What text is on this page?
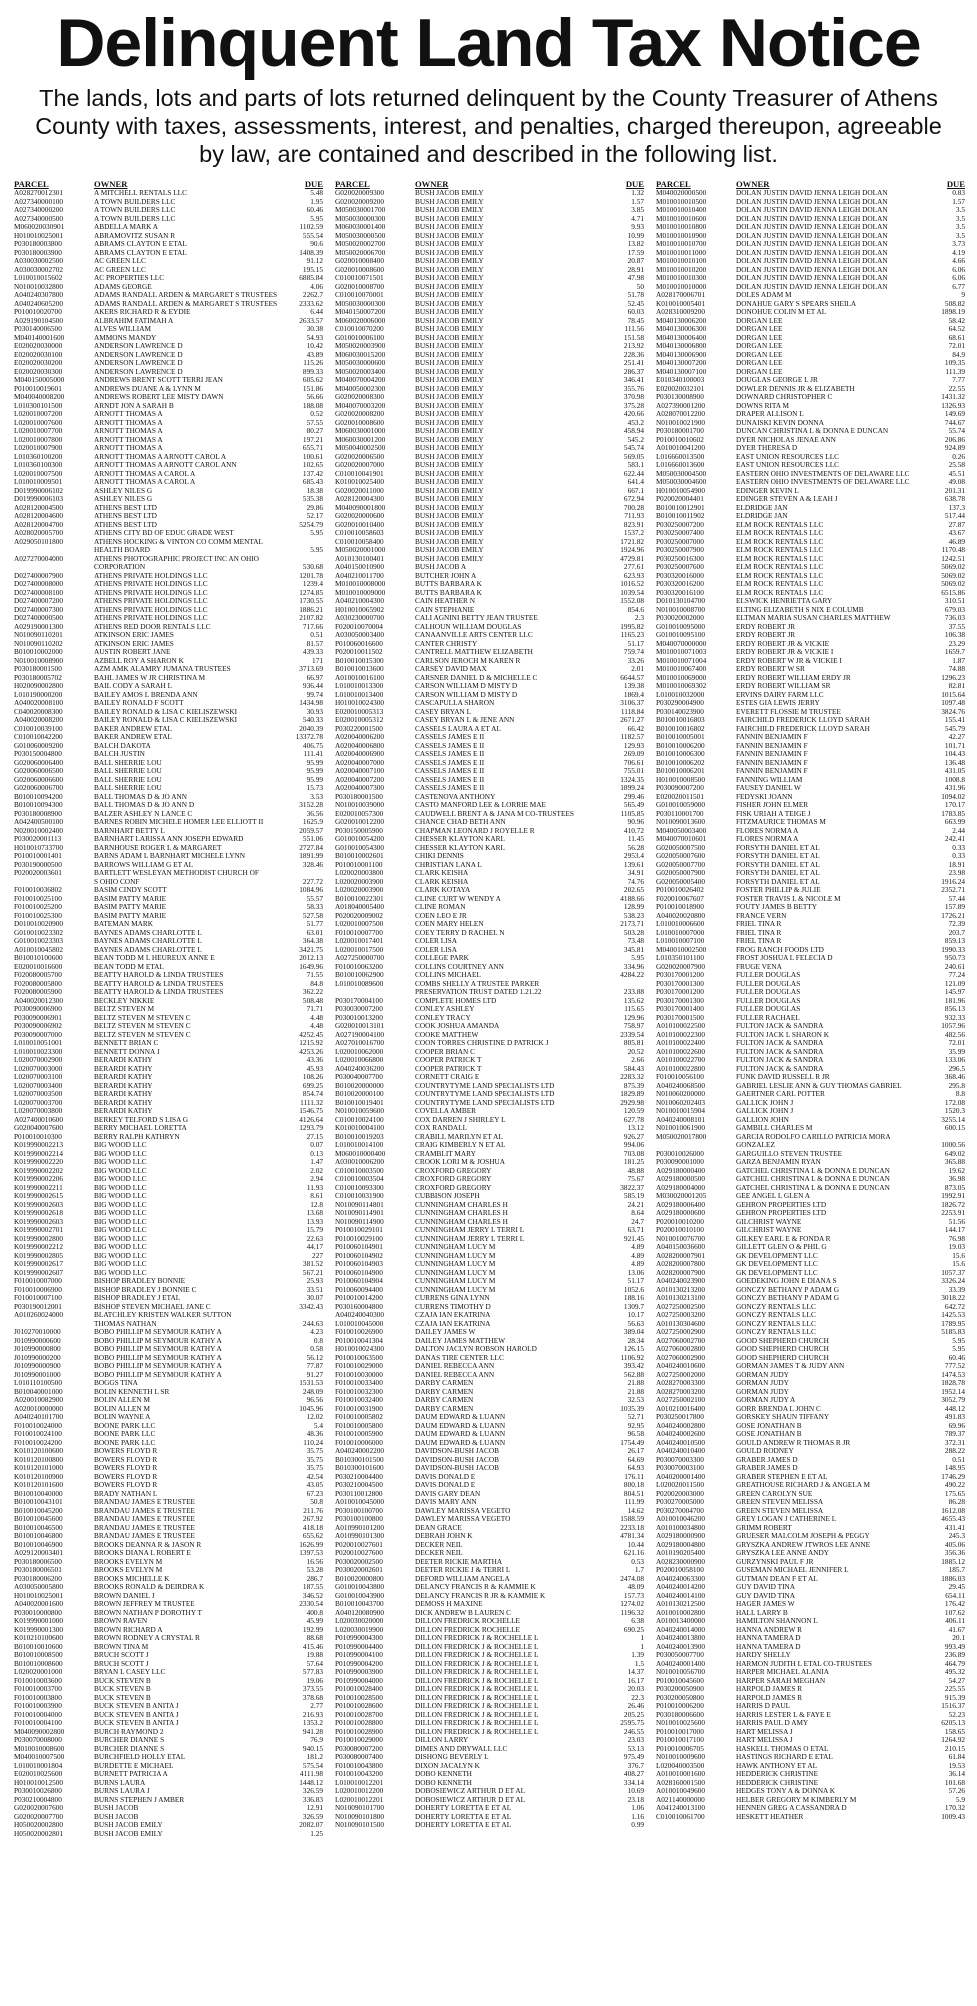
Delinquent Land Tax Notice

The lands, lots and parts of lots returned delinquent by the County Treasurer of Athens County with taxes, assessments, interest, and penalties, charged thereupon, agreeable by law, are contained and described in the following list.

PARCEL	OWNER	DUE
A028270012301	A MITCHELL RENTALS LLC	5.48
A027340000100	A TOWN BUILDERS LLC	1.95
A027340000200	A TOWN BUILDERS LLC	60.46
A027340000500	A TOWN BUILDERS LLC	5.95
M060020030901	ABDELLA MARK A	1102.59
H010010025001	ABRAMOVITZ SUSAN R	555.54
P030180003800	ABRAMS CLAYTON E ETAL	90.6
P030180003900	ABRAMS CLAYTON E ETAL	1408.39
A030030002500	AC GREEN LLC	91.12
A030030002702	AC GREEN LLC	195.15
L010010015602	AC PROPERTIES LLC	6885.84
N010010032800	ADAMS GEORGE	4.06
A040240307800	ADAMS RANDALL ARDEN & MARGARET S TRUSTEES	2262.7
A040240605200	ADAMS RANDALL ARDEN & MARGARET S TRUSTEES	2333.62
P010010020700	AKERS RICHARD R & EYDIE	6.44
A029190104500	ALBRAHIM FATIMAH A	2633.57
P030140006500	ALVES WILLIAM	30.38
M040140001600	AMMONS MANDY	54.93
E020020030000	ANDERSON LAWRENCE D	10.42
E020020030100	ANDERSON LAWRENCE D	43.89
E020020030200	ANDERSON LAWRENCE D	115.26
E020020030300	ANDERSON LAWRENCE D	899.33
M040150005000	ANDREWS BRENT SCOTT TERRI JEAN	605.62
P010010019601	ANDREWS DUANE A & LYNN M	151.86
M040040008200	ANDREWS ROBERT LEE MISTY DAWN	56.66
L010300101500	ARNDT JON A SARAH B	188.08
L020010007200	ARNOTT THOMAS A	0.52
L020010007600	ARNOTT THOMAS A	57.55
L020010007700	ARNOTT THOMAS A	80.27
L020010007800	ARNOTT THOMAS A	197.21
L020010007900	ARNOTT THOMAS A	655.71
L010360100200	ARNOTT THOMAS A ARNOTT CAROL A	100.61
L010360100300	ARNOTT THOMAS A ARNOTT CAROL ANN	102.65
L020010007500	ARNOTT THOMAS A CAROL A	137.42
L010010009501	ARNOTT THOMAS A CAROL A	685.43
D019990006102	ASHLEY NILES G	18.38
D019990006103	ASHLEY NILES G	535.38
A028120004500	ATHENS BEST LTD	29.86
A028120004600	ATHENS BEST LTD	52.17
A028120004700	ATHENS BEST LTD	5254.79
A028020005700	ATHENS CITY BD OF EDUC GRADE WEST	5.95
A029050101800	ATHENS HOCKING & VINTON CO COMM MENTAL	
	HEALTH BOARD	5.95
A027270004000	ATHENS PHOTOGRAPHIC PROJECT INC AN OHIO	
	CORPORATION	530.68
D027400007900	ATHENS PRIVATE HOLDINGS LLC	1201.78
D027400008000	ATHENS PRIVATE HOLDINGS LLC	1239.4
D027400008100	ATHENS PRIVATE HOLDINGS LLC	1274.85
D027400007200	ATHENS PRIVATE HOLDINGS LLC	1730.55
D027400007300	ATHENS PRIVATE HOLDINGS LLC	1886.21
D027400000500	ATHENS PRIVATE HOLDINGS LLC	2107.82
A029190001300	ATHENS RED DOOR RENTALS LLC	717.66
N010090110201	ATKINSON ERIC JAMES	0.51
N010090110202	ATKINSON ERIC JAMES	81.57
B010010002000	AUSTIN ROBERT JANE	439.33
N010010008900	AZBELL ROY A SHARON K	171
P030180001500	AZM AMK ALAMRY JUMANA TRUSTEES	3713.69
P030180005702	BAHL JAMES W JR CHRISTINA M	66.97
H020090002800	BAIL CODY A SARAH L	936.44
L010190000200	BAILEY AMOS L BRENDA ANN	99.74
A040020008100	BAILEY RONALD F SCOTT	1434.98
C040020008300	BAILEY RONALD & LISA C KIELISZEWSKI	30.93
A040020008200	BAILEY RONALD & LISA C KIELISZEWSKI	540.33
C010010039100	BAKER ANDREW ETAL	2040.39
C010010042200	BAKER ANDREW ETAL	13372.78
G010060009200	BALCH DAKOTA	406.75
P030150004800	BALCH JUSTIN	111.41
G020060006400	BALL SHERRIE LOU	95.99
G020060006500	BALL SHERRIE LOU	95.99
G020060006600	BALL SHERRIE LOU	95.99
G020060006700	BALL SHERRIE LOU	15.73
B010010094200	BALL THOMAS D & JO ANN	3.53
B010010094300	BALL THOMAS D & JO ANN D	3152.28
P030180008900	BALZER ASHLEY N LANCE C	36.56
A042400500100	BARNES ROBIN MICHELE HOMER LEE ELLIOTT II	1625.9
N020010002400	BARNHART BETTY L	2059.57
P030020001113	BARNHART LARISSA ANN JOSEPH EDWARD	551.06
H010010733700	BARNHOUSE ROGER L & MARGARET	2727.84
P010010001401	BARNS ADAM L BARNHART MICHELE LYNN	1891.99
P030190000500	BARROWS WILLIAM G ET AL	328.46
P020020003601	BARTLETT WESLEYAN METHODIST CHURCH OF	
	S OHIO CONF	227.72
F010010036802	BASIM CINDY SCOTT	1084.96
F010010025100	BASIM PATTY MARIE	55.57
F010010025200	BASIM PATTY MARIE	58.33
F010010025300	BASIM PATTY MARIE	527.58
D010010020900	BATEMAN MARK	51.77
G010010023302	BAYNES ADAMS CHARLOTTE L	63.01
G010010023303	BAYNES ADAMS CHARLOTTE L	364.38
A010010045802	BAYNES ADAMS CHARLOTTE L	3421.75
B010010100600	BEAN TODD M L HEUREUX ANNE E	2012.13
E020010016600	BEAN TODD M ETAL	1649.96
F020080005700	BEATTY HAROLD & LINDA TRUSTEES	71.55
F020080005800	BEATTY HAROLD & LINDA TRUSTEES	84.8
F020080005900	BEATTY HAROLD & LINDA TRUSTEES	362.22
A040020012300	BECKLEY NIKKIE	508.48
P030090006900	BELTZ STEVEN M	71.71
P030090006901	BELTZ STEVEN M STEVEN C	4.48
P030090006902	BELTZ STEVEN M STEVEN C	4.48
P030090007000	BELTZ STEVEN M STEVEN C	4252.45
L010010051001	BENNETT BRIAN C	1215.92
L010010023300	BENNETT DONNA J	4253.26
L020070002900	BERARDI KATHY	43.36
L020070003000	BERARDI KATHY	45.93
L020070003100	BERARDI KATHY	108.26
L020070003400	BERARDI KATHY	699.25
L020070003500	BERARDI KATHY	854.74
L020070003700	BERARDI KATHY	1111.32
L020070003800	BERARDI KATHY	1546.75
A027400010600	BERKEY TELFORD S LISA G	4126.64
G020040007600	BERRY MICHAEL LORETTA	1293.79
P010010010300	BERRY RALPH KATHRYN	27.15
K019990002213	BIG WOOD LLC	0.07
K019990002214	BIG WOOD LLC	0.13
K019990002220	BIG WOOD LLC	1.47
K019990002202	BIG WOOD LLC	2.02
K019990002206	BIG WOOD LLC	2.94
K019990002211	BIG WOOD LLC	11.93
K019990002615	BIG WOOD LLC	8.61
K019990002603	BIG WOOD LLC	12.8
K019990002618	BIG WOOD LLC	13.68
K019990002603	BIG WOOD LLC	13.93
K019990002701	BIG WOOD LLC	15.79
K019990002800	BIG WOOD LLC	22.63
K019990002212	BIG WOOD LLC	44.17
K019990002805	BIG WOOD LLC	227
K019990002617	BIG WOOD LLC	381.52
K019990002607	BIG WOOD LLC	567.21
F010010007000	BISHOP BRADLEY BONNIE	25.93
F010010006900	BISHOP BRADLEY J BONNIE C	33.51
F010010007100	BISHOP BRADLEY J ETAL	30.07
P030190012001	BISHOP STEVEN MICHAEL JANE C	3342.43
A010260024000	BLATCHLEY KRISTEN WALKER SUTTON	
	THOMAS NATHAN	244.63
J010270010000	BOBO PHILLIP M SEYMOUR KATHY A	4.23
J010990000600	BOBO PHILLIP M SEYMOUR KATHY A	0.8
J010990000800	BOBO PHILLIP M SEYMOUR KATHY A	0.58
J010990000200	BOBO PHILLIP M SEYMOUR KATHY A	56.12
J010990000900	BOBO PHILLIP M SEYMOUR KATHY A	77.87
J010990001000	BOBO PHILLIP M SEYMOUR KATHY A	91.27
L010110100500	BOGGS TINA	1531.53
B010040001000	BOLIN KENNETH L SR	248.09
A020010082900	BOLIN ALLEN M	96.56
A020010000000	BOLIN ALLEN M	1045.96
A040240101700	BOLIN WAYNE A	12.02
F010010024000	BOONE PARK LLC	5.4
F010010024100	BOONE PARK LLC	48.36
F010010024200	BOONE PARK LLC	110.24
K010120100600	BOWERS FLOYD R	35.75
K010120100800	BOWERS FLOYD R	35.75
K010120101000	BOWERS FLOYD R	35.75
K010120100900	BOWERS FLOYD R	42.54
K010120101600	BOWERS FLOYD R	43.05
B010010040000	BRADY NATHAN L	67.23
B010010043101	BRANDAU JAMES E TRUSTEE	50.8
B010010045200	BRANDAU JAMES E TRUSTEE	211.76
B010010045600	BRANDAU JAMES E TRUSTEE	267.92
B010010046500	BRANDAU JAMES E TRUSTEE	418.18
B010010046800	BRANDAU JAMES E TRUSTEE	655.62
B010010046900	BROOKS DEANNA R & JASON R	1626.99
A029120003401	BROOKS DIANA L ROBERT E	1397.53
P030180006500	BROOKS EVELYN M	16.56
P030180006501	BROOKS EVELYN M	53.28
P030180006200	BROOKS MICHELLE K	286.7
A030050005800	BROOKS RONALD & DEIRDRA K	187.55
H010010025001	BROWN DANIEL J	346.52
A040020001600	BROWN JEFFREY M TRUSTEE	2330.54
P030010000800	BROWN NATHAN P DOROTHY T	400.8
K019990001000	BROWN RAVEN	45.99
K019990001300	BROWN RICHARD A	192.99
K010210100600	BROWN RODNEY A CRYSTAL R	88.68
B010010010600	BROWN TINA M	415.46
B010010008500	BRUCH SCOTT J	19.88
B010010008600	BRUCH SCOTT J	57.64
L020020001000	BRYAN L CASEY LLC	577.83
F010010003600	BUCK STEVEN B	19.06
F010010003700	BUCK STEVEN B	373.55
F010010003800	BUCK STEVEN B	378.68
F010010003900	BUCK STEVEN B ANITA J	2.77
F010010004000	BUCK STEVEN B ANITA J	216.93
F010010004100	BUCK STEVEN B ANITA J	1353.2
M040090002800	BURCH RAYMOND 2	941.28
P030070008000	BURCHER DIANNE S	76.9
M010010008600	BURCHER DIANNE S	940.15
M040010007500	BURCHFIELD HOLLY ETAL	181.2
L010010001804	BURDETTE E MICHAEL	575.54
E020010025600	BURNETT PATRICIA A	4111.98
H010010012500	BURNS LAURA	1448.12
P030010026800	BURNS LAURA J	326.59
P030210004800	BURNS STEPHEN J AMBER	336.83
G020020007600	BUSH JACOB	12.91
G020020007700	BUSH JACOB	326.59
H050020002800	BUSH JACOB EMILY	2082.07
H050020002801	BUSH JACOB EMILY	1.25
PARCEL	OWNER	DUE
G020020009300	BUSH JACOB EMILY	1.32
G020020009200	BUSH JACOB EMILY	1.57
M050030001700	BUSH JACOB EMILY	3.85
M050030000300	BUSH JACOB EMILY	4.71
M060030001400	BUSH JACOB EMILY	9.93
M050030000500	BUSH JACOB EMILY	10.99
M050020002700	BUSH JACOB EMILY	13.82
M050020006700	BUSH JACOB EMILY	17.59
G020010008400	BUSH JACOB EMILY	20.87
G020010008600	BUSH JACOB EMILY	28.91
C010010071501	BUSH JACOB EMILY	47.98
G020010008700	BUSH JACOB EMILY	50
C010010070001	BUSH JACOB EMILY	51.78
M050030000300	BUSH JACOB EMILY	52.45
M040150007200	BUSH JACOB EMILY	60.03
M060020006000	BUSH JACOB EMILY	78.45
C010010070200	BUSH JACOB EMILY	111.56
G010010006100	BUSH JACOB EMILY	151.58
M050020003900	BUSH JACOB EMILY	213.92
M060030015200	BUSH JACOB EMILY	228.36
M050030000600	BUSH JACOB EMILY	251.41
M050020003400	BUSH JACOB EMILY	286.37
M040070004200	BUSH JACOB EMILY	346.41
M040050002300	BUSH JACOB EMILY	355.76
G020020008300	BUSH JACOB EMILY	370.98
M040070003200	BUSH JACOB EMILY	375.28
G020020008200	BUSH JACOB EMILY	420.66
G020010008600	BUSH JACOB EMILY	453.2
M060030001000	BUSH JACOB EMILY	458.94
M060030001200	BUSH JACOB EMILY	545.2
M050040002500	BUSH JACOB EMILY	545.74
G020020006500	BUSH JACOB EMILY	569.05
G020020007000	BUSH JACOB EMILY	583.1
C010010041901	BUSH JACOB EMILY	622.44
K010010025400	BUSH JACOB EMILY	641.4
G020020011000	BUSH JACOB EMILY	667.1
A028120004300	BUSH JACOB EMILY	672.94
M040090001800	BUSH JACOB EMILY	700.28
G020020000600	BUSH JACOB EMILY	711.93
G020010010400	BUSH JACOB EMILY	823.91
C010010058603	BUSH JACOB EMILY	1537.2
C010010058400	BUSH JACOB EMILY	1721.82
M050020001000	BUSH JACOB EMILY	1924.96
A010130100401	BUSH JACOB EMILY	4729.81
A040150010900	BUSH JACOB A	277.61
A040210011700	BUTCHER JOHN A	623.93
M010010008000	BUTTS BARBARA K	1016.52
M010010009000	BUTTS BARBARA K	1039.54
A040210004300	CAIN HEATHER N	1552.08
H010010065902	CAIN STEPHANIE	854.6
A030230000700	CALI AGNINI BETTY JEAN TRUSTEE	2.3
F020010070004	CALHOUN WILLIAM DOUGLAS	1995.82
A030050003400	CANAANVILLE ARTS CENTER LLC	1165.23
P010060016600	CANTER CHRISTY	51.17
P020010011502	CANTRELL MATTHEW ELIZABETH	759.74
B010010015300	CARLSON JEROCH M KAREN R	33.26
B010010013600	CARSEY DAVID MAX	2.01
A010010016100	CARSNER DANIEL D & MICHELLE C	6644.57
L010010013300	CARSON WILLIAM D MISTY D	139.38
L010010013400	CARSON WILLIAM D MISTY D	1869.4
H010010024300	CASCAPULLA SHARON	3106.37
E020010005313	CASEY BRYAN L	1118.84
E020010005312	CASEY BRYAN L & JENE ANN	2671.27
P030220001500	CASSELS LAURA A ET AL	66.42
A020040006200	CASSELS JAMES E II	1182.57
A020040006800	CASSELS JAMES E II	129.93
A020040006900	CASSELS JAMES E II	269.09
A020040007000	CASSELS JAMES E II	706.61
A020040007100	CASSELS JAMES E II	755.01
A020040007200	CASSELS JAMES E II	1324.35
A020040007300	CASSELS JAMES E II	1899.24
P030180001500	CASTENOVA ANTHONY	299.46
N010010039000	CASTO MANFORD LEE & LORRIE MAE	565.49
E020010057300	CAUDWELL BRENT A & JANA M CO-TRUSTEES	1105.85
G020010012200	CHANCE CHAD BETH ANN	90.96
P030150005900	CHAPMAN LEONARD J ROYELLE R	410.72
G010010054200	CHESSER KLAYTON KARL	11.45
G010010054300	CHESSER KLAYTON KARL	56.28
B010010002601	CHIKI DENNIS	2953.4
P010010001100	CHRISTIAN LANA L	139.61
L020020003800	CLARK KEISHA	34.91
L020020003900	CLARK KEISHA	74.76
L020020003900	CLARK KOTAYA	202.65
B010010022301	CLINE CURT W WENDY A	4188.66
A018040005400	CLINE ROMAN	128.99
P020020009002	COEN LEO E JR	538.23
L020010007500	COEN MARY HELEN	2173.71
F010010007700	COEY TERRY D RACHEL N	503.28
L020010017401	COLER LISA	73.48
L020010017500	COLER LISA	345.81
A027250000700	COLLEGE PARK	5.95
F010010063200	COLLINS COURTNEY ANN	334.96
B010010062900	COLLINS MICHAEL	4284.22
L010010089600	COMBS SHELLY A TRUSTEE PARKER	
	PRESERVATION TRUST DATED 1.21.22	233.88
P030170004100	COMPLETE HOMES LTD	135.62
P030030007200	CONLEY ASHLEY	115.65
P030010013200	CONLEY TRACY	129.96
G020010013101	COOK JOSHUA AMANDA	758.97
A027190004100	COOKE MATTHEW	2339.54
A027010016700	COON TORRES CHRISTINE D PATRICK J	805.81
L020010062000	COOPER BRIAN C	20.52
L020010066800	COOPER PATRICK T	2.66
A040240036200	COOPER PATRICK T	584.43
P030040007700	CORNETT CRAIG E	2283.32
B010020000000	COUNTRYTYME LAND SPECIALISTS LTD	875.39
B010020000100	COUNTRYTYME LAND SPECIALISTS LTD	1829.89
B010010019401	COUNTRYTYME LAND SPECIALISTS LTD	2929.98
N010010059600	COVELLA AMBER	120.59
C010010024100	COX DARREN J SHIRLEY L	627.78
K010010004100	COX RANDALL	13.12
B010010019203	CRABILL MARILYN ET AL	926.27
L010010014100	CRAIG KIMBERLY N ET AL	994.06
M060010000400	CRAMBLIT MARY	703.08
A030010006200	CROOK LORI M & JOSHUA	181.25
C010010003500	CROXFORD GREGORY	48.88
C010010003504	CROXFORD GREGORY	75.67
C010010093300	CROXFORD GREGORY	3822.37
C010010031900	CUBBISON JOSEPH	585.19
N010090114801	CUNNINGHAM CHARLES H	24.21
N010090114901	CUNNINGHAM CHARLES H	8.64
N010090114900	CUNNINGHAM CHARLES H	24.7
P010010029101	CUNNINGHAM JERRY L TERRI L	63.71
P010010029100	CUNNINGHAM JERRY L TERRI L	921.45
P010060104901	CUNNINGHAM LUCY M	4.89
P010060104902	CUNNINGHAM LUCY M	4.89
P010060104903	CUNNINGHAM LUCY M	4.89
P010060104900	CUNNINGHAM LUCY M	13.06
P010060104904	CUNNINGHAM LUCY M	51.17
P010060094400	CUNNINGHAM LUCY M	1052.6
P010010014200	CURRENS GINA LYNN	188.16
P030160004800	CURRENS TIMOTHY D	1309.7
A040240040300	CZAJA IAN EKATRINA	10.17
L010010045000	CZAJA IAN EKATRINA	56.63
F010010026900	DAILEY JAMES W	389.04
P010010041304	DAILEY JAMES MATTHEW	28.34
H010010024300	DALTON JACLYN ROBSON HAROLD	126.15
P010010063500	DANAS TIRE CENTER LLC	1106.92
F010010029000	DANIEL REBECCA ANN	393.42
F010010030000	DANIEL REBECCA ANN	562.88
F010010033400	DARBY CARMEN	21.88
F010010032300	DARBY CARMEN	21.88
F010010032400	DARBY CARMEN	32.53
F010010031900	DARBY CARMEN	1035.39
F010010005802	DAUM EDWARD & LUANN	52.71
F010010005800	DAUM EDWARD & LUANN	92.95
F010010005900	DAUM EDWARD & LUANN	96.58
F010010006000	DAUM EDWARD & LUANN	1754.49
A040240002200	DAVIDSON-BUSH JACOB	26.17
B010300101500	DAVIDSON-BUSH JACOB	64.69
B010300101600	DAVIDSON-BUSH JACOB	64.93
P030210004400	DAVIS DONALD E	176.11
P030210004500	DAVIS DONALD E	800.18
P030110012800	DAVIS GARY DEAN	804.51
A010010045000	DAVIS MARY ANN	111.99
P030100100700	DAWLEY MARISSA VEGETO	14.62
P030100100800	DAWLEY MARISSA VEGETO	1588.59
A010990101200	DEAN GRACE	2233.18
A010990101300	DEBRAH JOHN K	4781.34
P020010027601	DECKER NEIL	10.44
P020010027600	DECKER NEIL	621.16
P030020002500	DEETER RICKIE MARTHA	0.53
P030020002601	DEETER RICKIE J & TERRI L	1.7
B010020000800	DEFORD WILLIAM ANGELA	2474.08
G010010043800	DELANCY FRANCIS R & KAMMIE K	48.09
G010010043900	DELANCY FRANCIS R JR & KAMMIE K	157.73
B010010043700	DEMOSS H MAXINE	1274.02
A040120080900	DICK ANDREW B LAUREN C	1196.32
L020030020000	DILLON FREDRICK ROCHELLE	6.38
L020030019900	DILLON FREDRICK ROCHELLE	690.25
P010990004300	DILLON FREDRICK J & ROCHELLE L	1
P010990004400	DILLON FREDRICK J & ROCHELLE L	1
P010990004100	DILLON FREDRICK J & ROCHELLE L	1.39
P010990004200	DILLON FREDRICK J & ROCHELLE L	1.5
P010990003900	DILLON FREDRICK J & ROCHELLE L	14.37
P010990004000	DILLON FREDRICK J & ROCHELLE L	16.17
P010010028400	DILLON FREDRICK J & ROCHELLE L	20.03
P010010028500	DILLON FREDRICK J & ROCHELLE L	22.3
P010010028600	DILLON FREDRICK J & ROCHELLE L	26.46
P010010028700	DILLON FREDRICK J & ROCHELLE L	205.25
P010010028800	DILLON FREDRICK J & ROCHELLE L	2595.75
P010010028900	DILLON FREDRICK J & ROCHELLE L	246.55
P010010029000	DILLON LARRY	23.03
P030080007200	DIMES AND DRYWALL LLC	53.13
P030080007400	DISHONG BEVERLY L	975.49
F010010043800	DIXON JACALYN K	376.7
F010010043200	DOBO KENNETH	408.27
L010010012201	DOBO KENNETH	334.14
L020010012200	DOBOSIEWICZ ARTHUR D ET AL	10.69
L020010012201	DOBOSIEWICZ ARTHUR D ET AL	23.18
N010090101700	DOHERTY LORETTA E ET AL	1.06
N010090101800	DOHERTY LORETTA E ET AL	1.16
N010090101500	DOHERTY LORETTA E ET AL	0.99
PARCEL	OWNER	DUE
M040020000500	DOLAN JUSTIN DAVID JENNA LEIGH DOLAN	0.83
M010010010500	DOLAN JUSTIN DAVID JENNA LEIGH DOLAN	1.57
M010010010400	DOLAN JUSTIN DAVID JENNA LEIGH DOLAN	3.5
M010010010600	DOLAN JUSTIN DAVID JENNA LEIGH DOLAN	3.5
M010010010800	DOLAN JUSTIN DAVID JENNA LEIGH DOLAN	3.5
M010010010900	DOLAN JUSTIN DAVID JENNA LEIGH DOLAN	3.5
M010010010700	DOLAN JUSTIN DAVID JENNA LEIGH DOLAN	3.73
M010010011000	DOLAN JUSTIN DAVID JENNA LEIGH DOLAN	4.19
M010010010100	DOLAN JUSTIN DAVID JENNA LEIGH DOLAN	4.66
M010010010200	DOLAN JUSTIN DAVID JENNA LEIGH DOLAN	6.06
M010010010300	DOLAN JUSTIN DAVID JENNA LEIGH DOLAN	6.06
M010010010000	DOLAN JUSTIN DAVID JENNA LEIGH DOLAN	6.77
A028170006701	DOLES ADAM M	9
K010010005401	DONAHUE GARY S SPEARS SHEILA	508.82
A028310009200	DONOHUE COLIN M ET AL	1898.19
M040130006200	DORGAN LEE	58.42
M040130006300	DORGAN LEE	64.52
M040130006400	DORGAN LEE	68.61
M040130006800	DORGAN LEE	72.01
M040130006900	DORGAN LEE	84.9
M040130007200	DORGAN LEE	109.35
M040130007100	DORGAN LEE	111.39
E010340100003	DOUGLAS GEORGE L JR	7.77
E020020032101	DOWLER DENNIS JR & ELIZABETH	22.55
P030130008900	DOWNARD CHRISTOPHER C	1431.32
A027390001200	DOWNS RITA M	1326.93
A028070012200	DRAPER ALLISON L	149.69
N010010021900	DUNAISKI KEVIN DONNA	744.67
P030180001700	DUNCAN CHRISTINA L & DONNA E DUNCAN	55.74
P010010010602	DYER NICHOLAS JENAE ANN	206.86
A010010041200	DYER THERESA D	924.89
L016660013500	EAST UNION RESOURCES LLC	0.26
L016660013600	EAST UNION RESOURCES LLC	25.58
M050030004500	EASTERN OHIO INVESTMENTS OF DELAWARE LLC	45.51
M050030004600	EASTERN OHIO INVESTMENTS OF DELAWARE LLC	49.08
H010010054900	EDINGER KEVIN L	201.31
P020020004401	EDINGER STEVEN A & LEAH J	638.78
B010010012901	ELDRIDGE JAN	137.3
B010010011902	ELDRIDGE JAN	517.44
P030250007200	ELM ROCK RENTALS LLC	27.87
P030250007400	ELM ROCK RENTALS LLC	43.67
P030250007000	ELM ROCK RENTALS LLC	46.89
P030250007900	ELM ROCK RENTALS LLC	1170.48
P030250016300	ELM ROCK RENTALS LLC	1242.51
P030250007600	ELM ROCK RENTALS LLC	5069.02
P030320016000	ELM ROCK RENTALS LLC	5069.02
P030320016200	ELM ROCK RENTALS LLC	5069.02
P030320016100	ELM ROCK RENTALS LLC	6515.86
D010130104700	ELSWICK HENRIETTA GARY	310.51
N010010008700	ELTING ELIZABETH S NIX E COLUMB	679.03
P030020002000	ELTMAN MARIA SUSAN CHARLES MATTHEW	736.03
G010010095000	ERDY ROBERT JR	37.55
G010010095100	ERDY ROBERT JR	106.38
M040070000000	ERDY ROBERT JR & VICKIE	23.29
M010010071003	ERDY ROBERT JR & VICKIE I	1659.7
M010010071004	ERDY ROBERT W JR & VICKIE I	1.87
M010010067400	ERDY ROBERT W SR	74.88
M010010069000	ERDY ROBERT WILLIAM ERDY JR	1296.23
M010010069302	ERDY ROBERT WILLIAM SR	82.81
L010010032000	ERVINS DAIRY FARM LLC	1015.64
P030290004900	ESTES GIA LEWIS JERRY	1097.48
P030140023900	EVERETT FLOSSIE M TRUSTEE	3824.76
B010010016803	FAIRCHILD FREDERICK LLOYD SARAH	155.41
B010010016802	FAIRCHILD FREDERICK LLOYD SARAH	545.79
B010010005001	FANNIN BENJAMIN F	42.27
B010010006200	FANNIN BENJAMIN F	101.71
B010010006300	FANNIN BENJAMIN F	104.43
B010010006202	FANNIN BENJAMIN F	136.48
B010010006201	FANNIN BENJAMIN F	431.05
H010010008500	FANNING WILLIAM	1008.8
P030090007200	FAUSEY DANIEL W	431.96
E020020011501	FEDYSKI JOANN	1094.02
G010010059000	FISHER JOHN ELMER	170.17
P030110001700	FISK URIAH A TEIGE J	1783.85
N010090013600	FITZMAURICE THOMAS M	663.99
M040050003400	FLORES NORMA A	2.44
M040070010601	FLORES NORMA A	242.41
G020050007500	FORSYTH DANIEL ET AL	0.33
G020050007600	FORSYTH DANIEL ET AL	0.33
G020050007700	FORSYTH DANIEL ET AL	18.91
G020050007900	FORSYTH DANIEL ET AL	23.98
G020050005400	FORSYTH DANIEL ET AL	1916.24
P010010026402	FOSTER PHILLIP & JULIE	2352.71
F020010067607	FOSTER TRAVIS L & NICOLE M	57.44
P010010018900	FOUTY JAMES B BETTY	157.89
A040020020800	FRANCE VERN	1726.21
L010010006600	FRIEL TINA R	72.39
L010010007000	FRIEL TINA R	203.7
L010010007100	FRIEL TINA R	859.13
M040010002500	FROG RANCH FOODS LTD	1990.33
L010350101100	FROST JOSHUA L FELECIA D	950.73
G020020007900	FRUGE VENA	240.61
P030170001200	FULLER DOUGLAS	77.24
P030170001300	FULLER DOUGLAS	121.09
P030170001200	FULLER DOUGLAS	145.97
P030170001300	FULLER DOUGLAS	181.96
P030170001400	FULLER DOUGLAS	856.13
P030170001500	FULLER RACHAEL	932.33
A010100022500	FULTON JACK & SANDRA	1057.96
A010100022300	FULTON JACK L SHARON K	482.56
A010100022400	FULTON JACK & SANDRA	72.01
A010100022600	FULTON JACK & SANDRA	35.99
A010100022700	FULTON JACK & SANDRA	133.06
A010100022800	FULTON JACK & SANDRA	296.5
F010010056100	FUNK DAVID RUSSELL R JR	368.46
A040240068500	GABRIEL LESLIE ANN & GUY THOMAS GABRIEL	295.8
N010060200000	GAERTNER CARL POTTER	8.8
N010060202403	GALLICK JOHN J	172.08
N010010015904	GALLICK JOHN J	1520.3
A040240008101	GALLION JOHN	3255.14
N010010061900	GAMBILL CHARLES M	600.15
M050020017800	GARCIA RODOLFO CARILLO PATRICIA MORA	
	GONZALEZ	1000.56
P030010026000	GARGUILLO STEVEN TRUSTEE	649.02
P030090001000	GARZA BENJAMIN RYAN	365.88
A029180000400	GATCHEL CHRISTINA L & DONNA E DUNCAN	19.62
A029180000500	GATCHEL CHRISTINA L & DONNA E DUNCAN	36.98
A029180004000	GATCHEL CHRISTINA L & DONNA E DUNCAN	873.05
M030020001205	GEE ANGEL L GLEN A	1992.91
A029180006400	GEHRON PROPERTIES LTD	1826.72
A029180000600	GEHRON PROPERTIES LTD	2253.91
P020010010200	GILCHRIST WAYNE	51.56
P020010010100	GILCHRIST WAYNE	144.17
N010010076700	GILKEY EARL E & FONDA R	76.98
A040150036600	GILLETT GLEN O & PHIL G	19.03
A028200007901	GK DEVELOPMENT LLC	15.6
A028200007800	GK DEVELOPMENT LLC	15.6
A028200007900	GK DEVELOPMENT LLC	1057.37
A040240023900	GOEDEKING JOHN E DIANA S	3326.24
A010130213200	GONCZY BETHANY P ADAM G	33.39
A010130213100	GONCZY BETHANY P ADAM G	3018.22
A027250002500	GONCZY RENTALS LLC	642.72
A027250003200	GONCZY RENTALS LLC	1425.53
A010130304600	GONCZY RENTALS LLC	1789.95
A027250002900	GONCZY RENTALS LLC	5185.83
A027060002700	GOOD SHEPHERD CHURCH	5.95
A027060002800	GOOD SHEPHERD CHURCH	5.95
A027060002900	GOOD SHEPHERD CHURCH	60.46
A040240010600	GORMAN JAMES T & JUDY ANN	777.52
A027250002000	GORMAN JUDY	1474.53
A028270003300	GORMAN JUDY	1828.78
A028270003200	GORMAN JUDY	1952.14
A027250002100	GORMAN JUDY A	3052.79
A010210016400	GORR BRENDA L JOHN C	448.12
P030250017800	GORSKEY SHAUN TIFFANY	491.83
A040240002800	GOSE JONATHAN B	69.96
A040240002600	GOSE JONATHAN B	789.37
A040240010500	GOULD ANDREW R THOMAS R JR	372.31
A040240010400	GOULD RODNEY	288.22
P030070003300	GRABER JAMES D	0.51
P030070003100	GRABER JAMES D	148.95
A040200001400	GRABER STEPHEN E ET AL	1746.29
L020020011500	GREATHOUSE RICHARD J & ANGELA M	490.22
P020020003000	GREEN CAROLYN SUE	175.65
P030270005000	GREEN STEVEN MELISSA	86.28
P030270004700	GREEN STEVEN MELISSA	1612.08
A010010046200	GREY LOGAN J CATHERINE L	4655.43
A010100034800	GRIMM ROBERT	431.41
A029180000900	GRUESER MALCOLM JOSEPH & PEGGY	245.3
A029180004800	GRYSZKA ANDREW JTWROS LEE ANNE	405.06
A010190205400	GRYSZKA LEE ANNE ANDY	356.36
A028230000900	GURZYNSKI PAUL F JR	1885.12
P020010058100	GUSEMAN MICHAEL JENNIFER L	185.7
A040240063300	GUTMAN DEAN F ET AL	1886.03
A040240014200	GUY DAVID TINA	29.45
A040240014100	GUY DAVID TINA	654.11
A010130212500	HAGER JAMES W	176.42
A010010002800	HALL LARRY B	107.62
A010013400000	HAMILTON SHANNON L	406.11
A040240014000	HANNA ANDREW R	41.67
A040240013800	HANNA TAMERA D	20.1
A040240013900	HANNA TAMERA D	993.49
P030050007700	HARDY SHELLY	236.89
A040240001400	HARMON JUDITH L ETAL CO-TRUSTEES	464.79
N010010056700	HARPER MICHAEL ALANIA	495.32
P010010045600	HARPER SARAH MEGHAN	54.27
P030200050900	HARPOLD JAMES R	225.55
P030200050800	HARPOLD JAMES R	915.39
P010010006200	HARRIS D PAUL	1516.37
P030180006600	HARRIS LESTER L & FAYE E	52.23
N010010025600	HARRIS PAUL D AMY	6205.13
P010010017000	HART MELISSA J	158.65
P010010017100	HART MELISSA J	1264.92
P010010006705	HASKELL THOMAS O ETAL	210.15
N010010009600	HASTINGS RICHARD E ETAL	61.84
L020040003500	HAWK ANTHONY ET AL	19.53
A010010001600	HEDDERICK CHRISTINE	36.14
A028160001500	HEDDERICK CHRISTINE	101.68
A010010049600	HEDGES TONY A & DONNA K	57.26
A021140000000	HELBER GREGORY M KIMBERLY M	5.9
A041240013100	HENNEN GREG A CASSANDRA D	170.32
C010010061700	HESKETT HEATHER	1009.43
